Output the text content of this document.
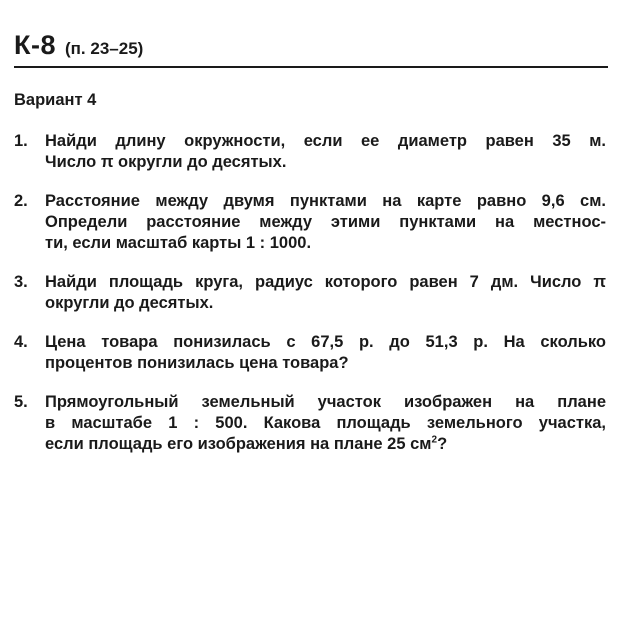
К-8 (п. 23–25)
Вариант 4
1. Найди длину окружности, если ее диаметр равен 35 м.
Число π округли до десятых.
2. Расстояние между двумя пунктами на карте равно 9,6 см.
Определи расстояние между этими пунктами на местнос-
ти, если масштаб карты 1 : 1000.
3. Найди площадь круга, радиус которого равен 7 дм. Число π
округли до десятых.
4. Цена товара понизилась с 67,5 р. до 51,3 р. На сколько
процентов понизилась цена товара?
5. Прямоугольный земельный участок изображен на плане
в масштабе 1 : 500. Какова площадь земельного участка,
если площадь его изображения на плане 25 $см^2$?
